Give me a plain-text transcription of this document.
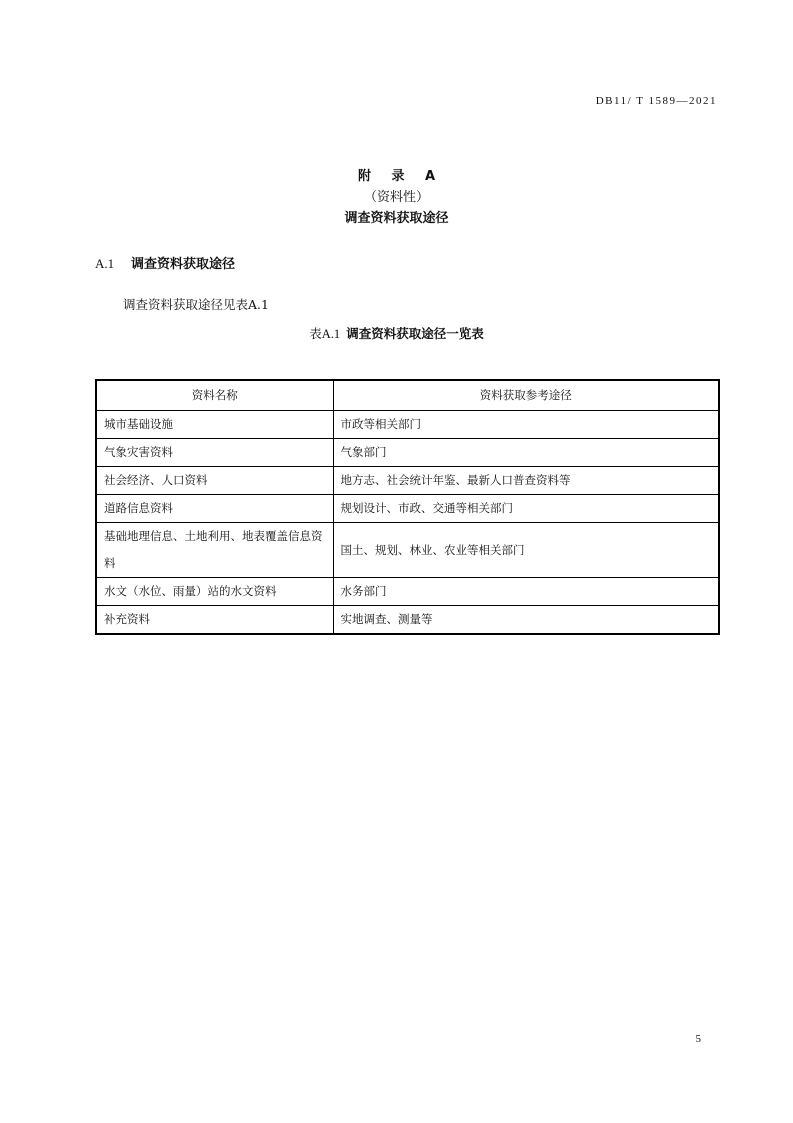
DB11/ T 1589—2021
附 录 A
（资料性）
调查资料获取途径
A.1 调查资料获取途径
调查资料获取途径见表A.1
表A.1 调查资料获取途径一览表
资料名称	资料获取参考途径
城市基础设施	市政等相关部门
气象灾害资料	气象部门
社会经济、人口资料	地方志、社会统计年鉴、最新人口普查资料等
道路信息资料	规划设计、市政、交通等相关部门
基础地理信息、土地利用、地表覆盖信息资料	国土、规划、林业、农业等相关部门
水文（水位、雨量）站的水文资料	水务部门
补充资料	实地调查、测量等
5
